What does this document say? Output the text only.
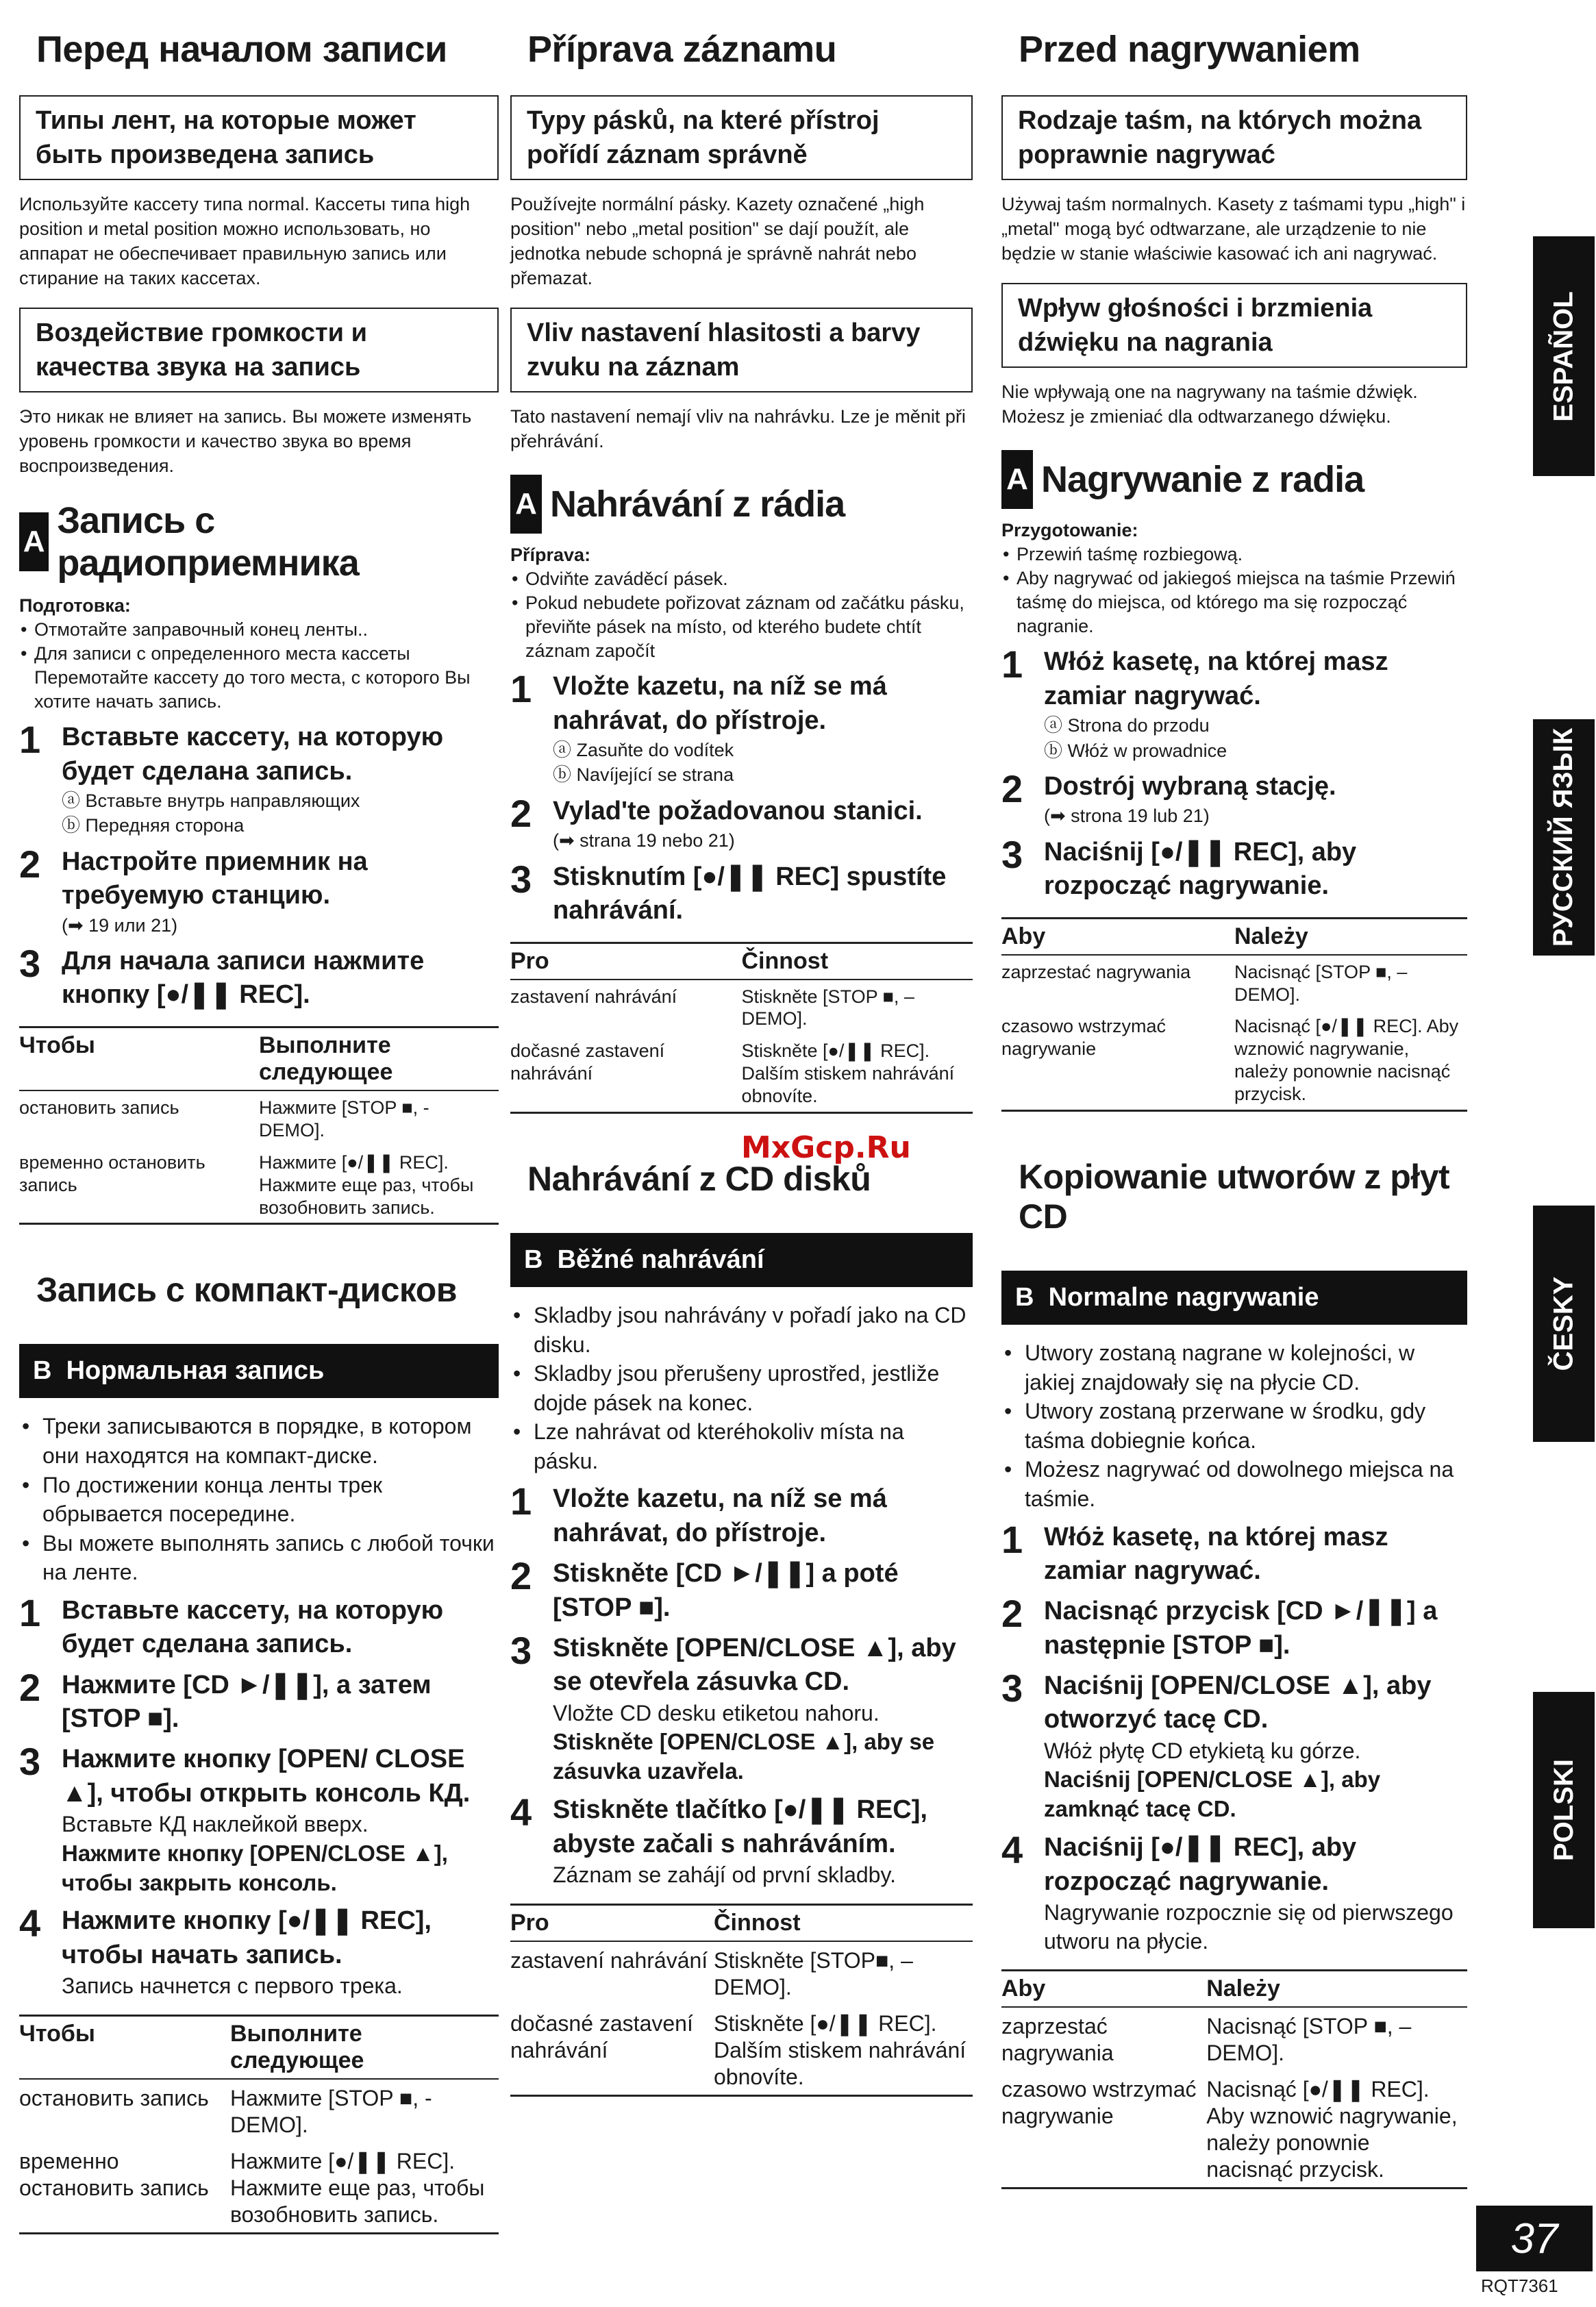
Перед началом записи
Типы лент, на которые может быть произведена запись
Используйте кассету типа normal. Кассеты типа high position и metal position можно использовать, но аппарат не обеспечивает правильную запись или стирание на таких кассетах.
Воздействие громкости и качества звука на запись
Это никак не влияет на запись. Вы можете изменять уровень громкости и качество звука во время воспроизведения.
A
Запись с радиоприемника
Подготовка:
• Отмотайте заправочный конец ленты..
• Для записи с определенного места кассеты Перемотайте кассету до того места, с которого Вы хотите начать запись.
1 Вставьте кассету, на которую будет сделана запись.
ⓐ Вставьте внутрь направляющих
ⓑ Передняя сторона
2 Настройте приемник на требуемую станцию.
(➡ 19 или 21)
3 Для начала записи нажмите кнопку [●/❚❚ REC].
Чтобы	Выполните следующее
остановить запись	Нажмите [STOP ■, -DEMO].
временно остановить запись	Нажмите [●/❚❚ REC]. Нажмите еще раз, чтобы возобновить запись.
Запись с компакт-дисков
B Нормальная запись
• Треки записываются в порядке, в котором они находятся на компакт-диске.
• По достижении конца ленты трек обрывается посередине.
• Вы можете выполнять запись с любой точки на ленте.
1 Вставьте кассету, на которую будет сделана запись.
2 Нажмите [CD ►/❚❚], а затем [STOP ■].
3 Нажмите кнопку [OPEN/ CLOSE ▲], чтобы открыть консоль КД.
Вставьте КД наклейкой вверх.
Нажмите кнопку [OPEN/CLOSE ▲], чтобы закрыть консоль.
4 Нажмите кнопку [●/❚❚ REC], чтобы начать запись.
Запись начнется с первого трека.
Чтобы	Выполните следующее
остановить запись	Нажмите [STOP ■, -DEMO].
временно остановить запись	Нажмите [●/❚❚ REC]. Нажмите еще раз, чтобы возобновить запись.
Příprava záznamu
Typy pásků, na které přístroj pořídí záznam správně
Používejte normální pásky. Kazety označené „high position" nebo „metal position" se dají použít, ale jednotka nebude schopná je správně nahrát nebo přemazat.
Vliv nastavení hlasitosti a barvy zvuku na záznam
Tato nastavení nemají vliv na nahrávku. Lze je měnit při přehrávání.
A Nahrávání z rádia
Příprava:
• Odviňte zaváděcí pásek.
• Pokud nebudete pořizovat záznam od začátku pásku, převiňte pásek na místo, od kterého budete chtít záznam započít
1 Vložte kazetu, na níž se má nahrávat, do přístroje.
ⓐ Zasuňte do vodítek
ⓑ Navíjející se strana
2 Vylad'te požadovanou stanici.
(➡ strana 19 nebo 21)
3 Stisknutím [●/❚❚ REC] spustíte nahrávání.
Pro	Činnost
zastavení nahrávání	Stiskněte [STOP ■, –DEMO].
dočasné zastavení nahrávání	Stiskněte [●/❚❚ REC]. Dalším stiskem nahrávání obnovíte.
Nahrávání z CD disků
B Běžné nahrávání
• Skladby jsou nahrávány v pořadí jako na CD disku.
• Skladby jsou přerušeny uprostřed, jestliže dojde pásek na konec.
• Lze nahrávat od kteréhokoliv místa na pásku.
1 Vložte kazetu, na níž se má nahrávat, do přístroje.
2 Stiskněte [CD ►/❚❚] a poté [STOP ■].
3 Stiskněte [OPEN/CLOSE ▲], aby se otevřela zásuvka CD.
Vložte CD desku etiketou nahoru.
Stiskněte [OPEN/CLOSE ▲], aby se zásuvka uzavřela.
4 Stiskněte tlačítko [●/❚❚ REC], abyste začali s nahráváním.
Záznam se zahájí od první skladby.
Pro	Činnost
zastavení nahrávání	Stiskněte [STOP■, –DEMO].
dočasné zastavení nahrávání	Stiskněte [●/❚❚ REC]. Dalším stiskem nahrávání obnovíte.
Przed nagrywaniem
Rodzaje taśm, na których można poprawnie nagrywać
Używaj taśm normalnych. Kasety z taśmami typu „high" i „metal" mogą być odtwarzane, ale urządzenie to nie będzie w stanie właściwie kasować ich ani nagrywać.
Wpływ głośności i brzmienia dźwięku na nagrania
Nie wpływają one na nagrywany na taśmie dźwięk. Możesz je zmieniać dla odtwarzanego dźwięku.
A Nagrywanie z radia
Przygotowanie:
• Przewiń taśmę rozbiegową.
• Aby nagrywać od jakiegoś miejsca na taśmie Przewiń taśmę do miejsca, od którego ma się rozpocząć nagranie.
1 Włóż kasetę, na której masz zamiar nagrywać.
ⓐ Strona do przodu
ⓑ Włóż w prowadnice
2 Dostrój wybraną stację.
(➡ strona 19 lub 21)
3 Naciśnij [●/❚❚ REC], aby rozpocząć nagrywanie.
Aby	Należy
zaprzestać nagrywania	Nacisnąć [STOP ■, –DEMO].
czasowo wstrzymać nagrywanie	Nacisnąć [●/❚❚ REC]. Aby wznowić nagrywanie, należy ponownie nacisnąć przycisk.
Kopiowanie utworów z płyt CD
B Normalne nagrywanie
• Utwory zostaną nagrane w kolejności, w jakiej znajdowały się na płycie CD.
• Utwory zostaną przerwane w środku, gdy taśma dobiegnie końca.
• Możesz nagrywać od dowolnego miejsca na taśmie.
1 Włóż kasetę, na której masz zamiar nagrywać.
2 Nacisnąć przycisk [CD ►/❚❚] a następnie [STOP ■].
3 Naciśnij [OPEN/CLOSE ▲], aby otworzyć tacę CD.
Włóż płytę CD etykietą ku górze.
Naciśnij [OPEN/CLOSE ▲], aby zamknąć tacę CD.
4 Naciśnij [●/❚❚ REC], aby rozpocząć nagrywanie.
Nagrywanie rozpocznie się od pierwszego utworu na płycie.
Aby	Należy
zaprzestać nagrywania	Nacisnąć [STOP ■, –DEMO].
czasowo wstrzymać nagrywanie	Nacisnąć [●/❚❚ REC]. Aby wznowić nagrywanie, należy ponownie nacisnąć przycisk.
ESPAÑOL
РУССКИЙ ЯЗЫК
ČESKY
POLSKI
MxGcp.Ru
37
RQT7361
